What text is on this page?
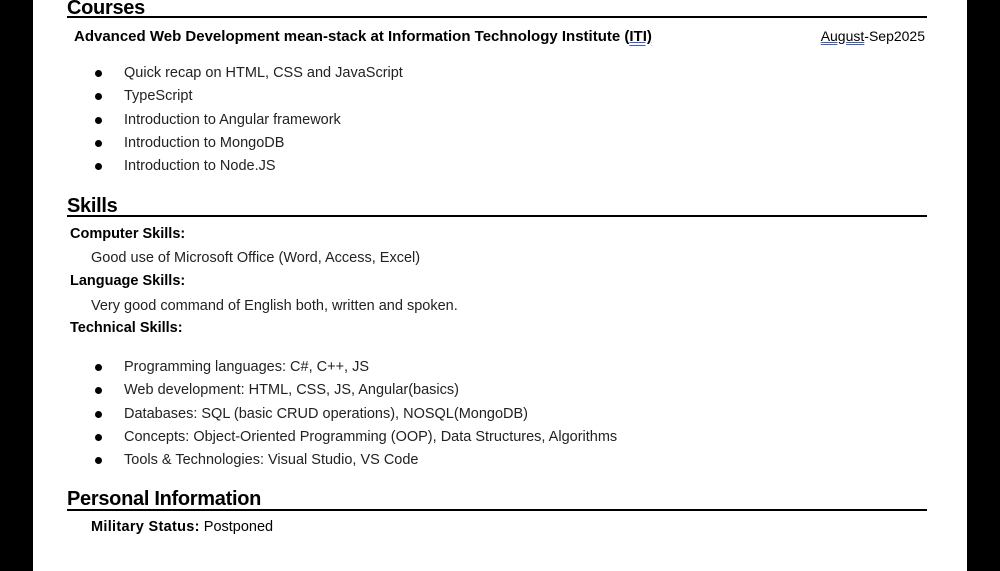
Courses
Advanced Web Development mean-stack at Information Technology Institute (ITI)	August-Sep2025
Quick recap on HTML, CSS and JavaScript
TypeScript
Introduction to Angular framework
Introduction to MongoDB
Introduction to Node.JS
Skills
Computer Skills:
Good use of Microsoft Office (Word, Access, Excel)
Language Skills:
Very good command of English both, written and spoken.
Technical Skills:
Programming languages: C#, C++, JS
Web development: HTML, CSS, JS, Angular(basics)
Databases: SQL (basic CRUD operations), NOSQL(MongoDB)
Concepts: Object-Oriented Programming (OOP), Data Structures, Algorithms
Tools & Technologies: Visual Studio, VS Code
Personal Information
Military Status: Postponed
